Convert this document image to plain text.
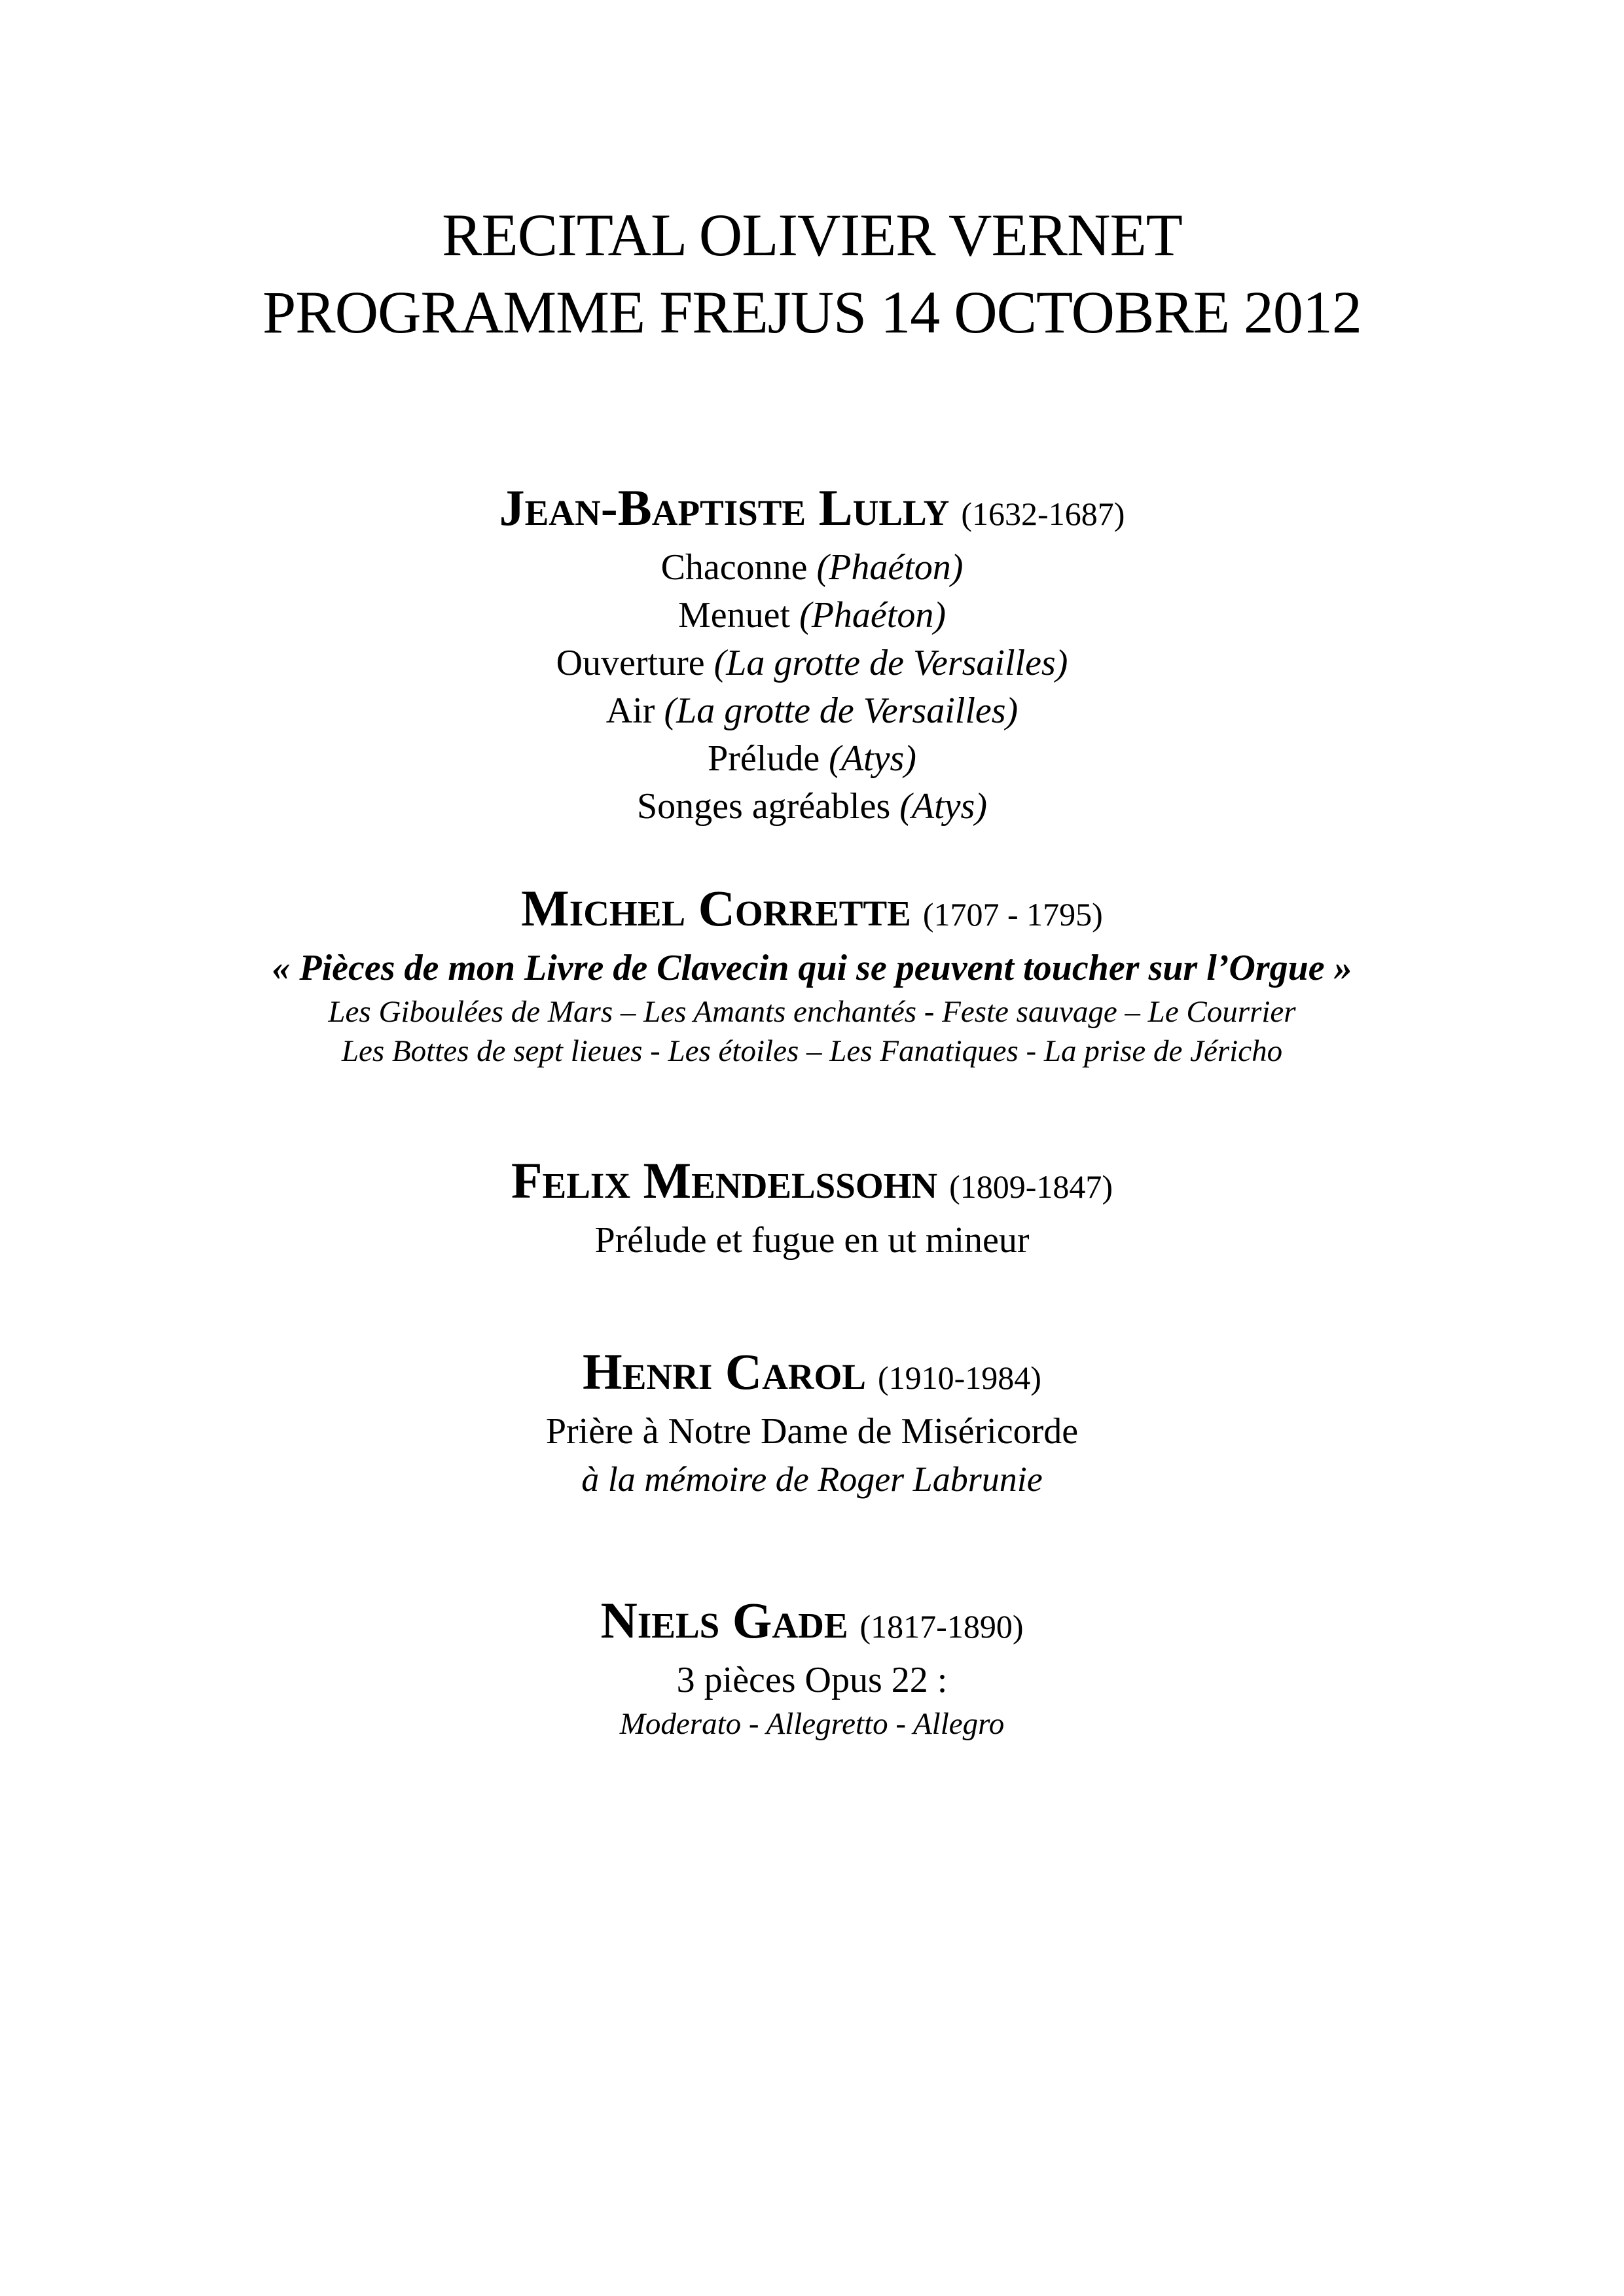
RECITAL OLIVIER VERNET
PROGRAMME FREJUS 14 OCTOBRE 2012
Jean-Baptiste Lully (1632-1687)
Chaconne (Phaéton)
Menuet (Phaéton)
Ouverture (La grotte de Versailles)
Air (La grotte de Versailles)
Prélude (Atys)
Songes agréables (Atys)
Michel Corrette (1707 - 1795)
« Pièces de mon Livre de Clavecin qui se peuvent toucher sur l’Orgue »
Les Giboulées de Mars – Les Amants enchantés - Feste sauvage – Le Courrier
Les Bottes de sept lieues - Les étoiles – Les Fanatiques - La prise de Jéricho
Felix Mendelssohn (1809-1847)
Prélude et fugue en ut mineur
Henri Carol (1910-1984)
Prière à Notre Dame de Miséricorde
à la mémoire de Roger Labrunie
Niels Gade (1817-1890)
3 pièces Opus 22 :
Moderato - Allegretto - Allegro
